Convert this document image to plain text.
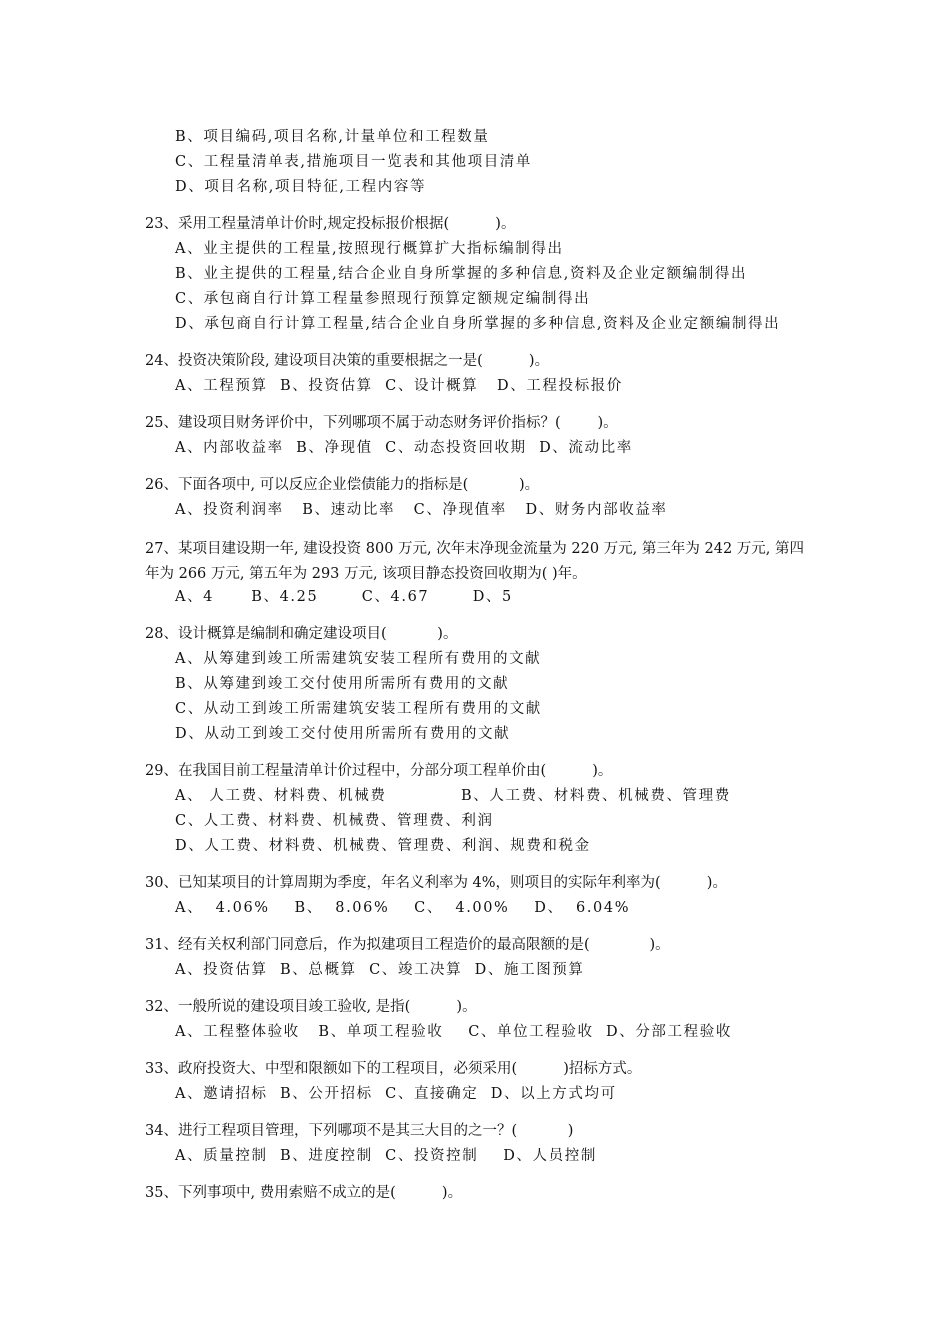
B、项目编码,项目名称,计量单位和工程数量
C、工程量清单表,措施项目一览表和其他项目清单
D、项目名称,项目特征,工程内容等
23、采用工程量清单计价时,规定投标报价根据(          )。
A、业主提供的工程量,按照现行概算扩大指标编制得出
B、业主提供的工程量,结合企业自身所掌握的多种信息,资料及企业定额编制得出
C、承包商自行计算工程量参照现行预算定额规定编制得出
D、承包商自行计算工程量,结合企业自身所掌握的多种信息,资料及企业定额编制得出
24、投资决策阶段, 建设项目决策的重要根据之一是(          )。
A、工程预算  B、投资估算  C、设计概算   D、工程投标报价
25、建设项目财务评价中，下列哪项不属于动态财务评价指标？(        )。
A、内部收益率  B、净现值  C、动态投资回收期  D、流动比率
26、下面各项中, 可以反应企业偿债能力的指标是(           )。
A、投资利润率   B、速动比率   C、净现值率   D、财务内部收益率
A、4      B、4.25       C、4.67       D、5
28、设计概算是编制和确定建设项目(           )。
A、从筹建到竣工所需建筑安装工程所有费用的文献
B、从筹建到竣工交付使用所需所有费用的文献
C、从动工到竣工所需建筑安装工程所有费用的文献
D、从动工到竣工交付使用所需所有费用的文献
29、在我国目前工程量清单计价过程中，分部分项工程单价由(          )。
A、 人工费、材料费、机械费            B、人工费、材料费、机械费、管理费
C、人工费、材料费、机械费、管理费、利润
D、人工费、材料费、机械费、管理费、利润、规费和税金
30、已知某项目的计算周期为季度，年名义利率为 4%，则项目的实际年利率为(          )。
A、  4.06%    B、  8.06%    C、  4.00%    D、  6.04%
31、经有关权利部门同意后，作为拟建项目工程造价的最高限额的是(             )。
A、投资估算  B、总概算  C、竣工决算  D、施工图预算
32、一般所说的建设项目竣工验收, 是指(          )。
A、工程整体验收   B、单项工程验收    C、单位工程验收  D、分部工程验收
33、政府投资大、中型和限额如下的工程项目，必须采用(          )招标方式。
A、邀请招标  B、公开招标  C、直接确定  D、以上方式均可
34、进行工程项目管理，下列哪项不是其三大目的之一？(           )
A、质量控制  B、进度控制  C、投资控制    D、人员控制
35、下列事项中, 费用索赔不成立的是(          )。
27、某项目建设期一年, 建设投资 800 万元, 次年末净现金流量为 220 万元, 第三年为 242 万元, 第四年为 266 万元, 第五年为 293 万元, 该项目静态投资回收期为( )年。
